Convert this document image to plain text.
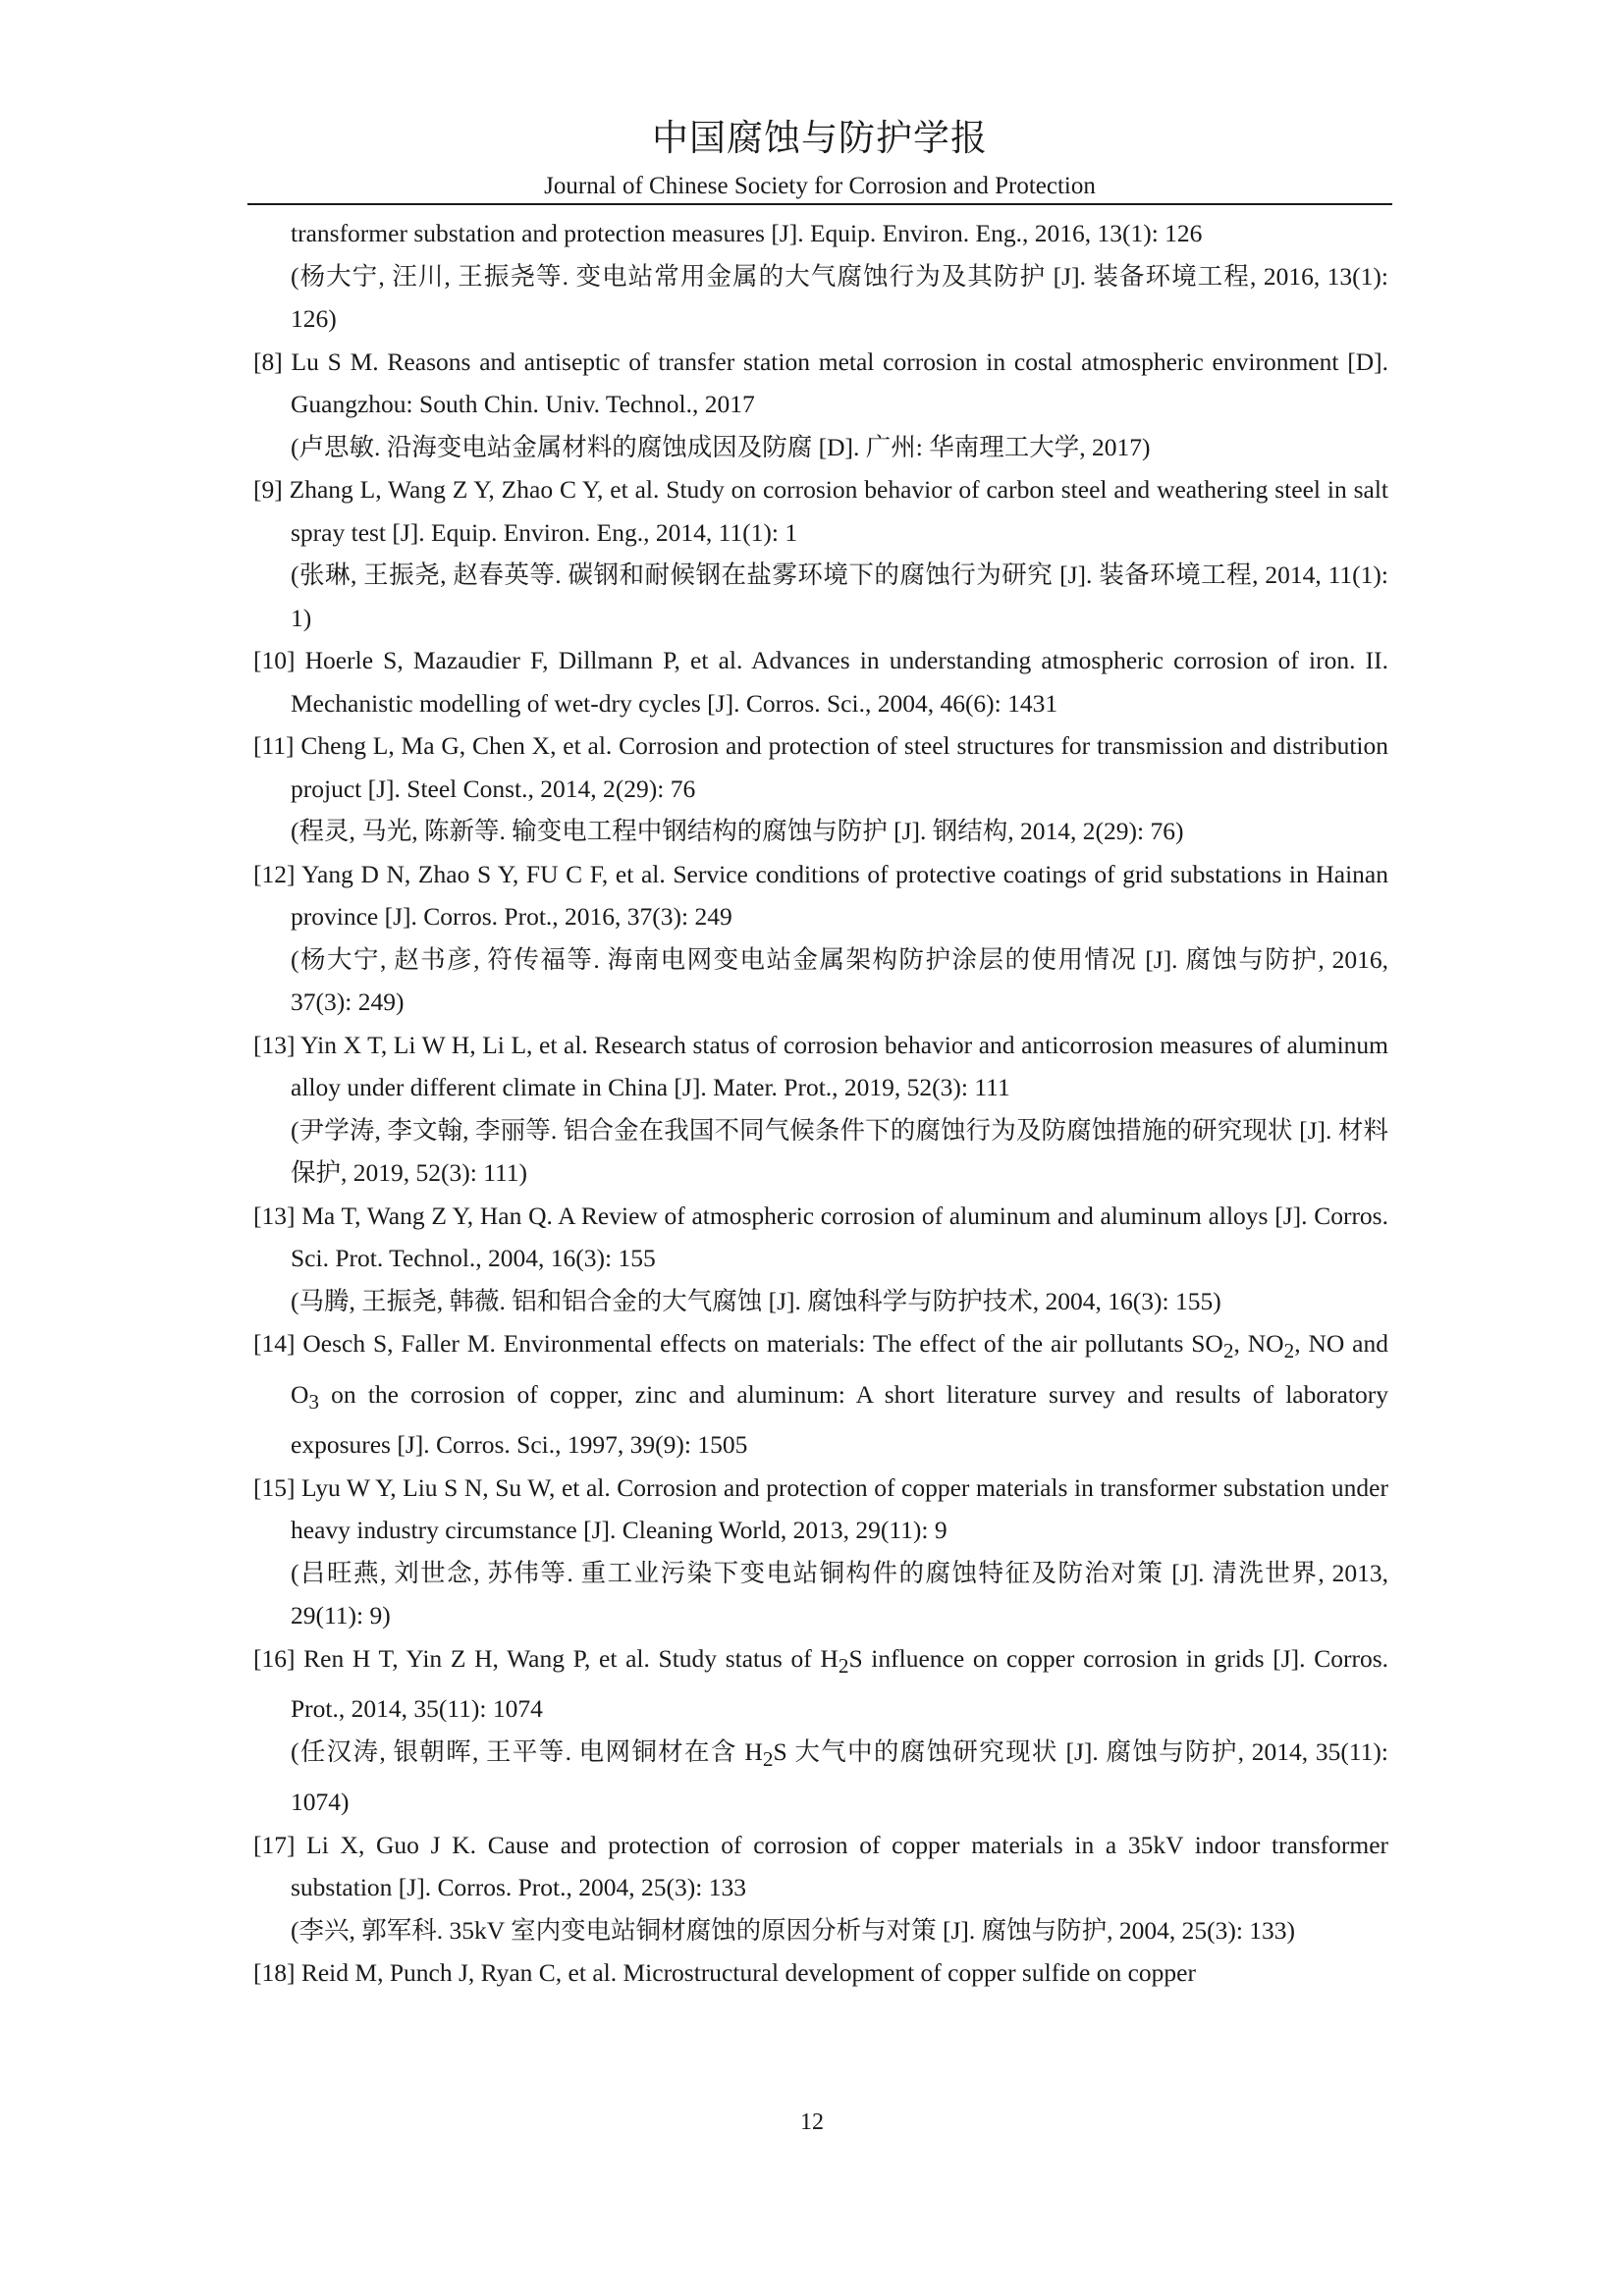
中国腐蚀与防护学报
Journal of Chinese Society for Corrosion and Protection
transformer substation and protection measures [J]. Equip. Environ. Eng., 2016, 13(1): 126
(杨大宁, 汪川, 王振尧等. 变电站常用金属的大气腐蚀行为及其防护 [J]. 装备环境工程, 2016, 13(1): 126)
[8] Lu S M. Reasons and antiseptic of transfer station metal corrosion in costal atmospheric environment [D]. Guangzhou: South Chin. Univ. Technol., 2017
(卢思敏. 沿海变电站金属材料的腐蚀成因及防腐 [D]. 广州: 华南理工大学, 2017)
[9] Zhang L, Wang Z Y, Zhao C Y, et al. Study on corrosion behavior of carbon steel and weathering steel in salt spray test [J]. Equip. Environ. Eng., 2014, 11(1): 1
(张琳, 王振尧, 赵春英等. 碳钢和耐候钢在盐雾环境下的腐蚀行为研究 [J]. 装备环境工程, 2014, 11(1): 1)
[10] Hoerle S, Mazaudier F, Dillmann P, et al. Advances in understanding atmospheric corrosion of iron. II. Mechanistic modelling of wet-dry cycles [J]. Corros. Sci., 2004, 46(6): 1431
[11] Cheng L, Ma G, Chen X, et al. Corrosion and protection of steel structures for transmission and distribution projuct [J]. Steel Const., 2014, 2(29): 76
(程灵, 马光, 陈新等. 输变电工程中钢结构的腐蚀与防护 [J]. 钢结构, 2014, 2(29): 76)
[12] Yang D N, Zhao S Y, FU C F, et al. Service conditions of protective coatings of grid substations in Hainan province [J]. Corros. Prot., 2016, 37(3): 249
(杨大宁, 赵书彦, 符传福等. 海南电网变电站金属架构防护涂层的使用情况 [J]. 腐蚀与防护, 2016, 37(3): 249)
[13] Yin X T, Li W H, Li L, et al. Research status of corrosion behavior and anticorrosion measures of aluminum alloy under different climate in China [J]. Mater. Prot., 2019, 52(3): 111
(尹学涛, 李文翰, 李丽等. 铝合金在我国不同气候条件下的腐蚀行为及防腐蚀措施的研究现状 [J]. 材料保护, 2019, 52(3): 111)
[13] Ma T, Wang Z Y, Han Q. A Review of atmospheric corrosion of aluminum and aluminum alloys [J]. Corros. Sci. Prot. Technol., 2004, 16(3): 155
(马腾, 王振尧, 韩薇. 铝和铝合金的大气腐蚀 [J]. 腐蚀科学与防护技术, 2004, 16(3): 155)
[14] Oesch S, Faller M. Environmental effects on materials: The effect of the air pollutants $SO_2$, $NO_2$, NO and $O_3$ on the corrosion of copper, zinc and aluminum: A short literature survey and results of laboratory exposures [J]. Corros. Sci., 1997, 39(9): 1505
[15] Lyu W Y, Liu S N, Su W, et al. Corrosion and protection of copper materials in transformer substation under heavy industry circumstance [J]. Cleaning World, 2013, 29(11): 9
(吕旺燕, 刘世念, 苏伟等. 重工业污染下变电站铜构件的腐蚀特征及防治对策 [J]. 清洗世界, 2013, 29(11): 9)
[16] Ren H T, Yin Z H, Wang P, et al. Study status of $H_2S$ influence on copper corrosion in grids [J]. Corros. Prot., 2014, 35(11): 1074
(任汉涛, 银朝晖, 王平等. 电网铜材在含 $H_2S$ 大气中的腐蚀研究现状 [J]. 腐蚀与防护, 2014, 35(11): 1074)
[17] Li X, Guo J K. Cause and protection of corrosion of copper materials in a 35kV indoor transformer substation [J]. Corros. Prot., 2004, 25(3): 133
(李兴, 郭军科. 35kV 室内变电站铜材腐蚀的原因分析与对策 [J]. 腐蚀与防护, 2004, 25(3): 133)
[18] Reid M, Punch J, Ryan C, et al. Microstructural development of copper sulfide on copper
12
